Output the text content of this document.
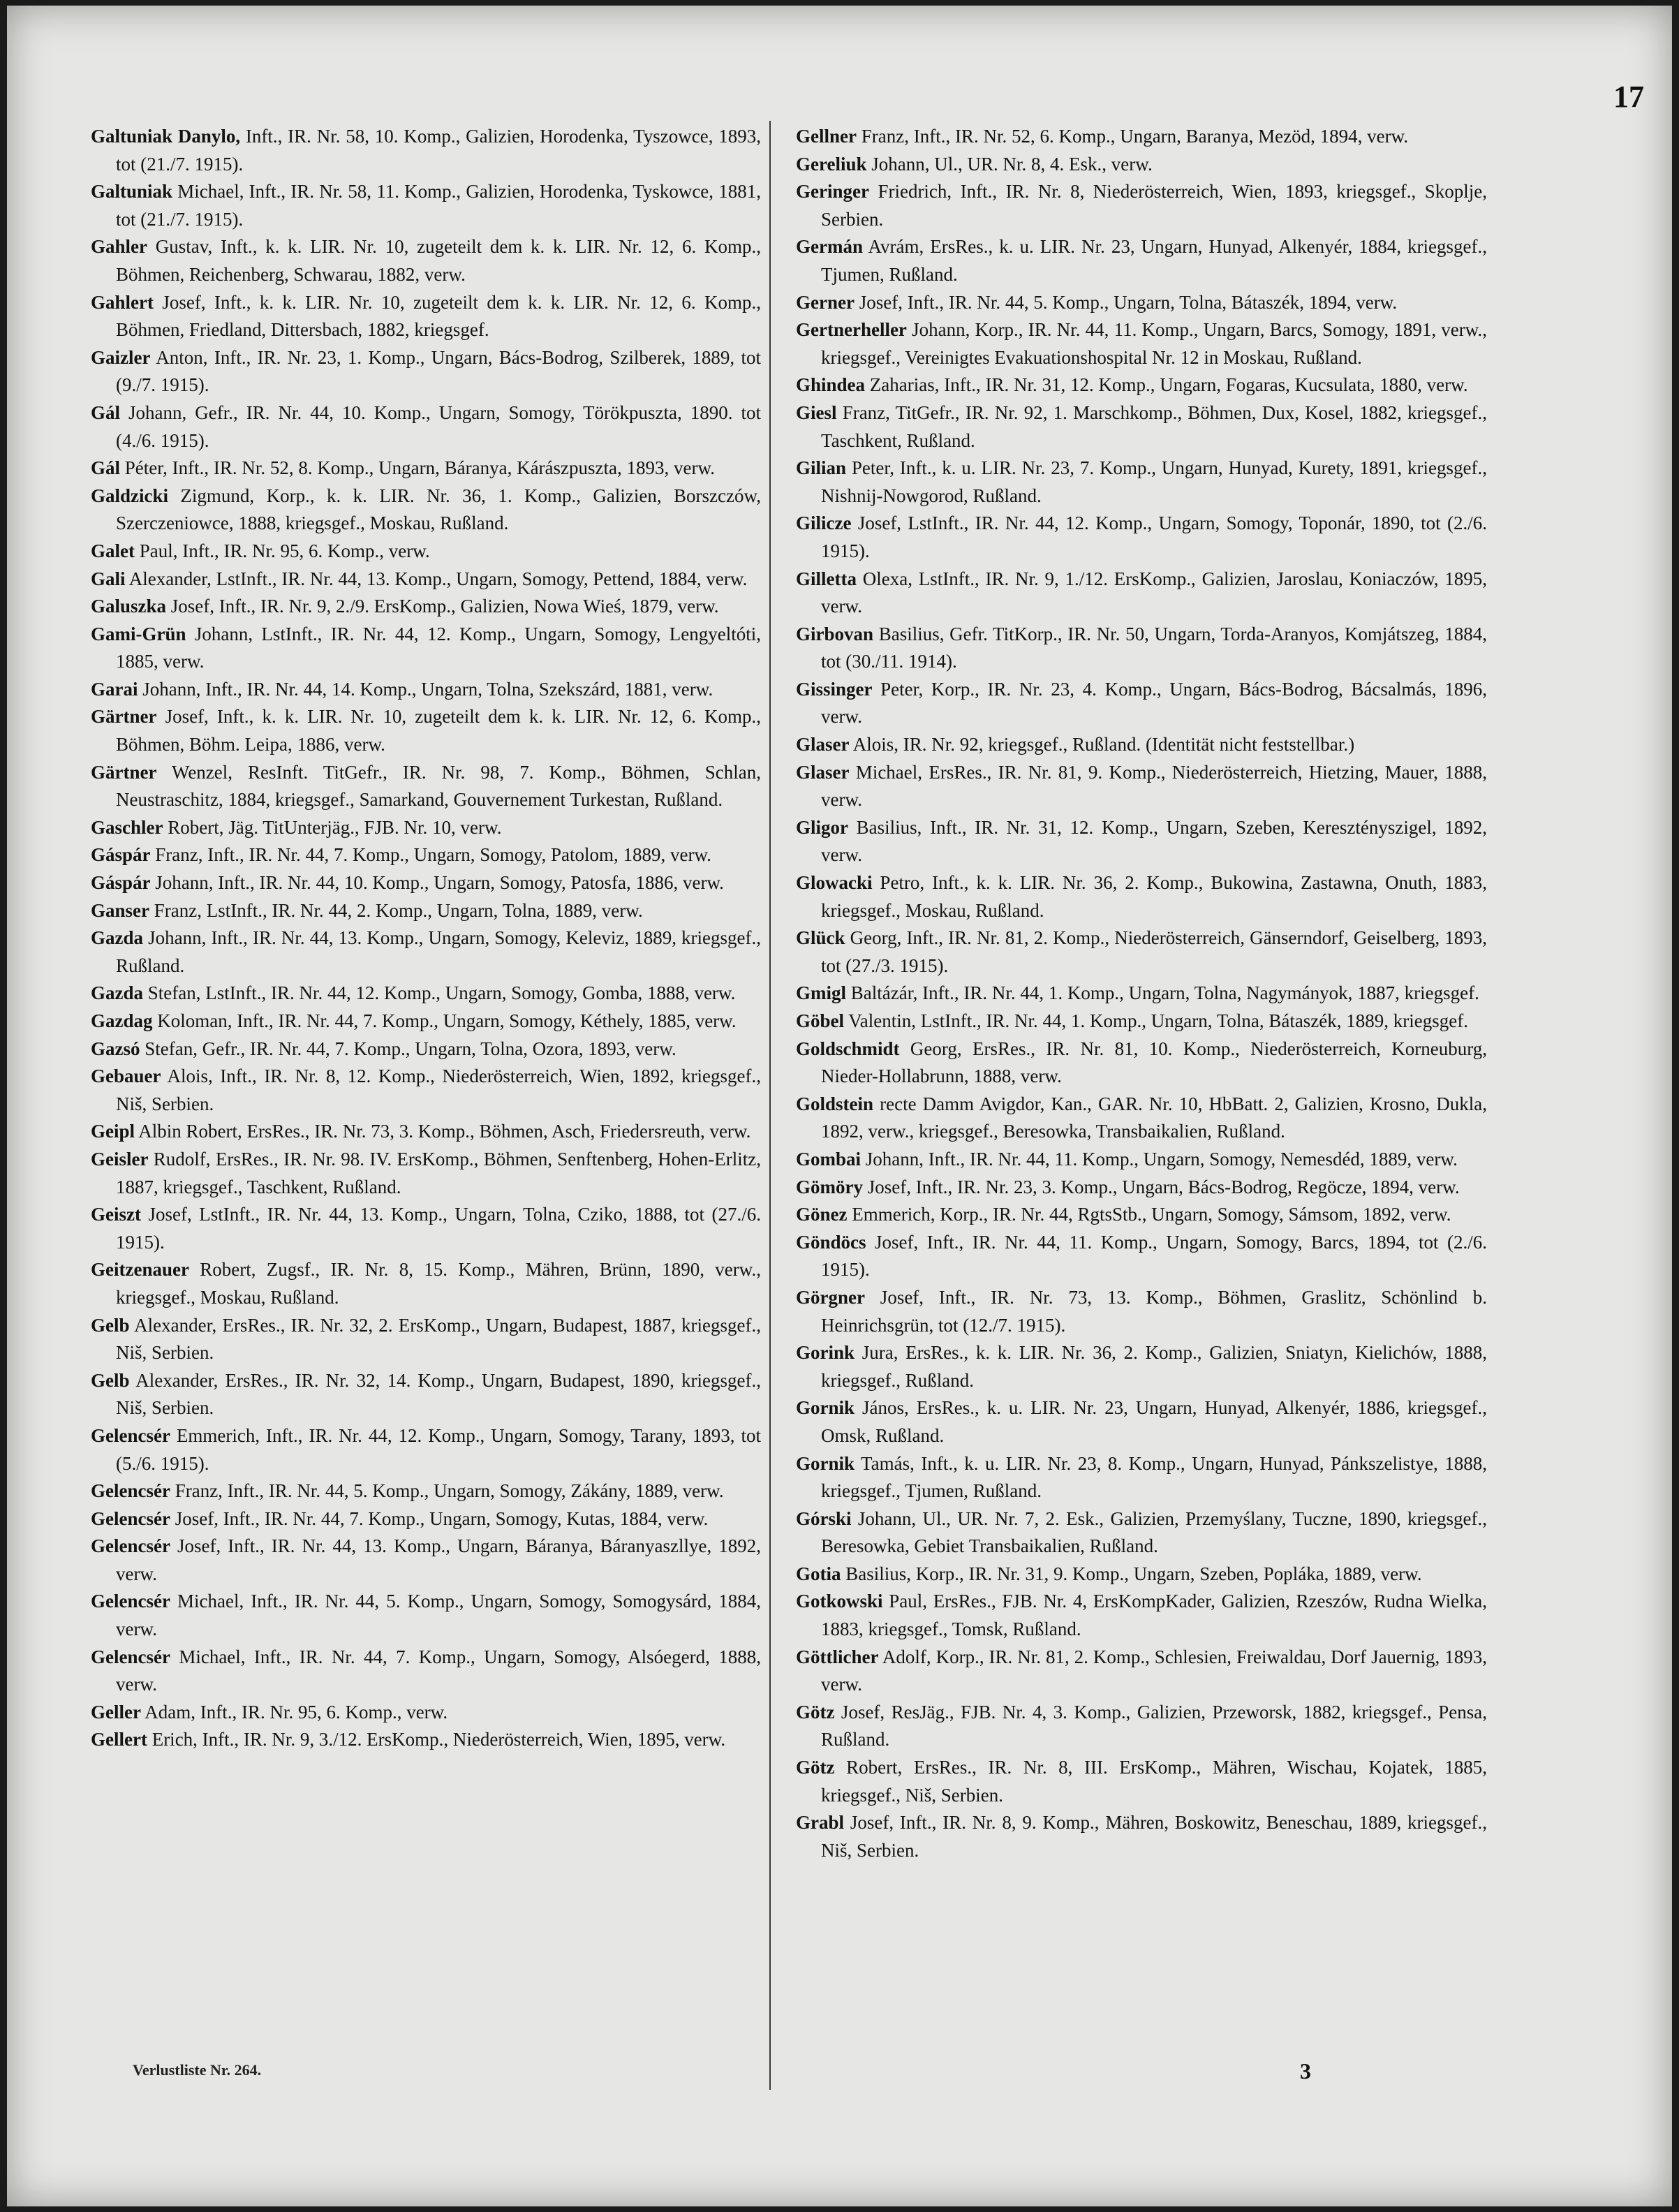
17

Galtuniak Danylo, Inft., IR. Nr. 58, 10. Komp., Galizien, Horodenka, Tyszowce, 1893, tot (21./7. 1915).

Galtuniak Michael, Inft., IR. Nr. 58, 11. Komp., Galizien, Horodenka, Tyskowce, 1881, tot (21./7. 1915).

Gahler Gustav, Inft., k. k. LIR. Nr. 10, zugeteilt dem k. k. LIR. Nr. 12, 6. Komp., Böhmen, Reichenberg, Schwarau, 1882, verw.

Gahlert Josef, Inft., k. k. LIR. Nr. 10, zugeteilt dem k. k. LIR. Nr. 12, 6. Komp., Böhmen, Friedland, Dittersbach, 1882, kriegsgef.

Gaizler Anton, Inft., IR. Nr. 23, 1. Komp., Ungarn, Bács-Bodrog, Szilberek, 1889, tot (9./7. 1915).

Gál Johann, Gefr., IR. Nr. 44, 10. Komp., Ungarn, Somogy, Törökpuszta, 1890. tot (4./6. 1915).

Gál Péter, Inft., IR. Nr. 52, 8. Komp., Ungarn, Báranya, Kárászpuszta, 1893, verw.

Galdzicki Zigmund, Korp., k. k. LIR. Nr. 36, 1. Komp., Galizien, Borszczów, Szerczeniowce, 1888, kriegsgef., Moskau, Rußland.

Galet Paul, Inft., IR. Nr. 95, 6. Komp., verw.

Gali Alexander, LstInft., IR. Nr. 44, 13. Komp., Ungarn, Somogy, Pettend, 1884, verw.

Galuszka Josef, Inft., IR. Nr. 9, 2./9. ErsKomp., Galizien, Nowa Wieś, 1879, verw.

Gami-Grün Johann, LstInft., IR. Nr. 44, 12. Komp., Ungarn, Somogy, Lengyeltóti, 1885, verw.

Garai Johann, Inft., IR. Nr. 44, 14. Komp., Ungarn, Tolna, Szekszárd, 1881, verw.

Gärtner Josef, Inft., k. k. LIR. Nr. 10, zugeteilt dem k. k. LIR. Nr. 12, 6. Komp., Böhmen, Böhm. Leipa, 1886, verw.

Gärtner Wenzel, ResInft. TitGefr., IR. Nr. 98, 7. Komp., Böhmen, Schlan, Neustraschitz, 1884, kriegsgef., Samarkand, Gouvernement Turkestan, Rußland.

Gaschler Robert, Jäg. TitUnterjäg., FJB. Nr. 10, verw.

Gáspár Franz, Inft., IR. Nr. 44, 7. Komp., Ungarn, Somogy, Patolom, 1889, verw.

Gáspár Johann, Inft., IR. Nr. 44, 10. Komp., Ungarn, Somogy, Patosfa, 1886, verw.

Ganser Franz, LstInft., IR. Nr. 44, 2. Komp., Ungarn, Tolna, 1889, verw.

Gazda Johann, Inft., IR. Nr. 44, 13. Komp., Ungarn, Somogy, Keleviz, 1889, kriegsgef., Rußland.

Gazda Stefan, LstInft., IR. Nr. 44, 12. Komp., Ungarn, Somogy, Gomba, 1888, verw.

Gazdag Koloman, Inft., IR. Nr. 44, 7. Komp., Ungarn, Somogy, Kéthely, 1885, verw.

Gazsó Stefan, Gefr., IR. Nr. 44, 7. Komp., Ungarn, Tolna, Ozora, 1893, verw.

Gebauer Alois, Inft., IR. Nr. 8, 12. Komp., Niederösterreich, Wien, 1892, kriegsgef., Niš, Serbien.

Geipl Albin Robert, ErsRes., IR. Nr. 73, 3. Komp., Böhmen, Asch, Friedersreuth, verw.

Geisler Rudolf, ErsRes., IR. Nr. 98. IV. ErsKomp., Böhmen, Senftenberg, Hohen-Erlitz, 1887, kriegsgef., Taschkent, Rußland.

Geiszt Josef, LstInft., IR. Nr. 44, 13. Komp., Ungarn, Tolna, Cziko, 1888, tot (27./6. 1915).

Geitzenauer Robert, Zugsf., IR. Nr. 8, 15. Komp., Mähren, Brünn, 1890, verw., kriegsgef., Moskau, Rußland.

Gelb Alexander, ErsRes., IR. Nr. 32, 2. ErsKomp., Ungarn, Budapest, 1887, kriegsgef., Niš, Serbien.

Gelb Alexander, ErsRes., IR. Nr. 32, 14. Komp., Ungarn, Budapest, 1890, kriegsgef., Niš, Serbien.

Gelencsér Emmerich, Inft., IR. Nr. 44, 12. Komp., Ungarn, Somogy, Tarany, 1893, tot (5./6. 1915).

Gelencsér Franz, Inft., IR. Nr. 44, 5. Komp., Ungarn, Somogy, Zákány, 1889, verw.

Gelencsér Josef, Inft., IR. Nr. 44, 7. Komp., Ungarn, Somogy, Kutas, 1884, verw.

Gelencsér Josef, Inft., IR. Nr. 44, 13. Komp., Ungarn, Báranya, Báranyaszllye, 1892, verw.

Gelencsér Michael, Inft., IR. Nr. 44, 5. Komp., Ungarn, Somogy, Somogysárd, 1884, verw.

Gelencsér Michael, Inft., IR. Nr. 44, 7. Komp., Ungarn, Somogy, Alsóegerd, 1888, verw.

Geller Adam, Inft., IR. Nr. 95, 6. Komp., verw.

Gellert Erich, Inft., IR. Nr. 9, 3./12. ErsKomp., Niederösterreich, Wien, 1895, verw.

Gellner Franz, Inft., IR. Nr. 52, 6. Komp., Ungarn, Baranya, Mezöd, 1894, verw.

Gereliuk Johann, Ul., UR. Nr. 8, 4. Esk., verw.

Geringer Friedrich, Inft., IR. Nr. 8, Niederösterreich, Wien, 1893, kriegsgef., Skoplje, Serbien.

Germán Avrám, ErsRes., k. u. LIR. Nr. 23, Ungarn, Hunyad, Alkenyér, 1884, kriegsgef., Tjumen, Rußland.

Gerner Josef, Inft., IR. Nr. 44, 5. Komp., Ungarn, Tolna, Bátaszék, 1894, verw.

Gertnerheller Johann, Korp., IR. Nr. 44, 11. Komp., Ungarn, Barcs, Somogy, 1891, verw., kriegsgef., Vereinigtes Evakuationshospital Nr. 12 in Moskau, Rußland.

Ghindea Zaharias, Inft., IR. Nr. 31, 12. Komp., Ungarn, Fogaras, Kucsulata, 1880, verw.

Giesl Franz, TitGefr., IR. Nr. 92, 1. Marschkomp., Böhmen, Dux, Kosel, 1882, kriegsgef., Taschkent, Rußland.

Gilian Peter, Inft., k. u. LIR. Nr. 23, 7. Komp., Ungarn, Hunyad, Kurety, 1891, kriegsgef., Nishnij-Nowgorod, Rußland.

Gilicze Josef, LstInft., IR. Nr. 44, 12. Komp., Ungarn, Somogy, Toponár, 1890, tot (2./6. 1915).

Gilletta Olexa, LstInft., IR. Nr. 9, 1./12. ErsKomp., Galizien, Jaroslau, Koniaczów, 1895, verw.

Girbovan Basilius, Gefr. TitKorp., IR. Nr. 50, Ungarn, Torda-Aranyos, Komjátszeg, 1884, tot (30./11. 1914).

Gissinger Peter, Korp., IR. Nr. 23, 4. Komp., Ungarn, Bács-Bodrog, Bácsalmás, 1896, verw.

Glaser Alois, IR. Nr. 92, kriegsgef., Rußland. (Identität nicht feststellbar.)

Glaser Michael, ErsRes., IR. Nr. 81, 9. Komp., Niederösterreich, Hietzing, Mauer, 1888, verw.

Gligor Basilius, Inft., IR. Nr. 31, 12. Komp., Ungarn, Szeben, Keresztényszigel, 1892, verw.

Glowacki Petro, Inft., k. k. LIR. Nr. 36, 2. Komp., Bukowina, Zastawna, Onuth, 1883, kriegsgef., Moskau, Rußland.

Glück Georg, Inft., IR. Nr. 81, 2. Komp., Niederösterreich, Gänserndorf, Geiselberg, 1893, tot (27./3. 1915).

Gmigl Baltázár, Inft., IR. Nr. 44, 1. Komp., Ungarn, Tolna, Nagymányok, 1887, kriegsgef.

Göbel Valentin, LstInft., IR. Nr. 44, 1. Komp., Ungarn, Tolna, Bátaszék, 1889, kriegsgef.

Goldschmidt Georg, ErsRes., IR. Nr. 81, 10. Komp., Niederösterreich, Korneuburg, Nieder-Hollabrunn, 1888, verw.

Goldstein recte Damm Avigdor, Kan., GAR. Nr. 10, HbBatt. 2, Galizien, Krosno, Dukla, 1892, verw., kriegsgef., Beresowka, Transbaikalien, Rußland.

Gombai Johann, Inft., IR. Nr. 44, 11. Komp., Ungarn, Somogy, Nemesdéd, 1889, verw.

Gömöry Josef, Inft., IR. Nr. 23, 3. Komp., Ungarn, Bács-Bodrog, Regöcze, 1894, verw.

Gönez Emmerich, Korp., IR. Nr. 44, RgtsStb., Ungarn, Somogy, Sámsom, 1892, verw.

Göndöcs Josef, Inft., IR. Nr. 44, 11. Komp., Ungarn, Somogy, Barcs, 1894, tot (2./6. 1915).

Görgner Josef, Inft., IR. Nr. 73, 13. Komp., Böhmen, Graslitz, Schönlind b. Heinrichsgrün, tot (12./7. 1915).

Gorink Jura, ErsRes., k. k. LIR. Nr. 36, 2. Komp., Galizien, Sniatyn, Kielichów, 1888, kriegsgef., Rußland.

Gornik János, ErsRes., k. u. LIR. Nr. 23, Ungarn, Hunyad, Alkenyér, 1886, kriegsgef., Omsk, Rußland.

Gornik Tamás, Inft., k. u. LIR. Nr. 23, 8. Komp., Ungarn, Hunyad, Pánkszelistye, 1888, kriegsgef., Tjumen, Rußland.

Górski Johann, Ul., UR. Nr. 7, 2. Esk., Galizien, Przemyślany, Tuczne, 1890, kriegsgef., Beresowka, Gebiet Transbaikalien, Rußland.

Gotia Basilius, Korp., IR. Nr. 31, 9. Komp., Ungarn, Szeben, Popláka, 1889, verw.

Gotkowski Paul, ErsRes., FJB. Nr. 4, ErsKompKader, Galizien, Rzeszów, Rudna Wielka, 1883, kriegsgef., Tomsk, Rußland.

Göttlicher Adolf, Korp., IR. Nr. 81, 2. Komp., Schlesien, Freiwaldau, Dorf Jauernig, 1893, verw.

Götz Josef, ResJäg., FJB. Nr. 4, 3. Komp., Galizien, Przeworsk, 1882, kriegsgef., Pensa, Rußland.

Götz Robert, ErsRes., IR. Nr. 8, III. ErsKomp., Mähren, Wischau, Kojatek, 1885, kriegsgef., Niš, Serbien.

Grabl Josef, Inft., IR. Nr. 8, 9. Komp., Mähren, Boskowitz, Beneschau, 1889, kriegsgef., Niš, Serbien.

Verlustliste Nr. 264.	3
